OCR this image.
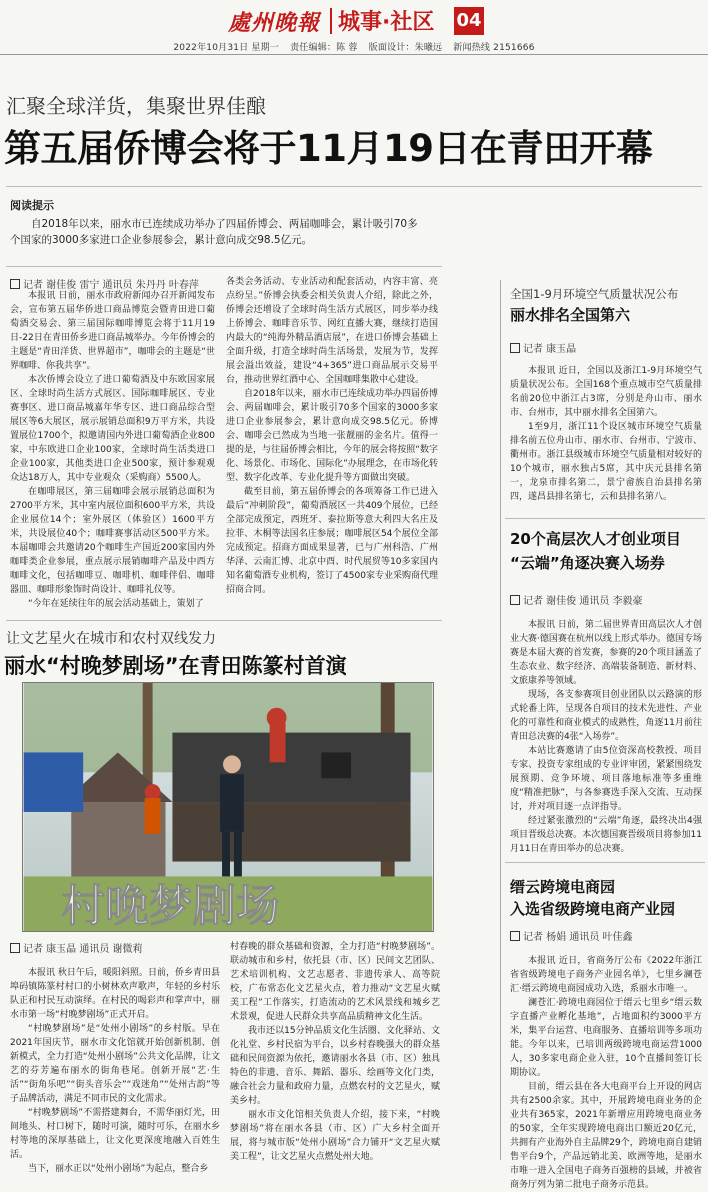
處州晚報 城事·社区 04
2022年10月31日 星期一 责任编辑：陈 蓉 版面设计：朱曦远 新闻热线 2151666
汇聚全球洋货，集聚世界佳酿
第五届侨博会将于11月19日在青田开幕
阅读提示

自2018年以来，丽水市已连续成功举办了四届侨博会、两届咖啡会，累计吸引70多个国家的3000多家进口企业参展参会，累计意向成交98.5亿元。

记者 谢佳俊 雷宁 通讯员 朱丹丹 叶春萍

本报讯 日前，丽水市政府新闻办召开新闻发布会，宣布第五届华侨进口商品博览会暨青田进口葡萄酒交易会、第三届国际咖啡博览会将于11月19日-22日在青田侨乡进口商品城举办。今年侨博会的主题是“青田洋货、世界超市”，咖啡会的主题是“世界咖啡、你我共享”。

本次侨博会设立了进口葡萄酒及中东欧国家展区、全球时尚生活方式展区、国际咖啡展区、专业赛事区、进口商品城嘉年华专区、进口商品综合型展区等6大展区，展示展销总面积9万平方米，共设置展位1700个，拟邀请国内外进口葡萄酒企业800家，中东欧进口企业100家，全球时尚生活类进口企业100家，其他类进口企业500家，预计参观观众达18万人，其中专业观众（采购商）5500人。

在咖啡展区，第三届咖啡会展示展销总面积为2700平方米，其中室内展位面积600平方米，共设企业展位14个；室外展区（体验区）1600平方米，共设展位40个；咖啡赛事活动区500平方米。本届咖啡会共邀请20个咖啡生产国近200家国内外咖啡类企业参展，重点展示展销咖啡产品及中西方咖啡文化，包括咖啡豆、咖啡机、咖啡伴侣、咖啡器皿、咖啡形象饰时尚设计、咖啡礼仪等。

“今年在延续往年的展会活动基础上，策划了

各类会务活动、专业活动和配套活动，内容丰富、亮点纷呈。”侨博会执委会相关负责人介绍，除此之外，侨博会还增设了全球时尚生活方式展区，同步举办线上侨博会、咖啡音乐节、网红直播大赛，继续打造国内最大的“纯海外精品酒店展”，在进口侨博会基础上全面升级，打造全球时尚生活场景，发展为节，发挥展会溢出效益，建设“4+365”进口商品展示交易平台，推动世界红酒中心、全国咖啡集散中心建设。

自2018年以来，丽水市已连续成功举办四届侨博会、两届咖啡会，累计吸引70多个国家的3000多家进口企业参展参会，累计意向成交98.5亿元。侨博会、咖啡会已然成为当地一张靓丽的金名片。值得一提的是，与往届侨博会相比，今年的展会将按照“数字化、场景化、市场化、国际化”办展理念，在市场化转型、数字化改革、专业化提升等方面做出突破。

截至目前，第五届侨博会的各项筹备工作已进入最后“冲刺阶段”，葡萄酒展区一共409个展位，已经全部完成预定，西班牙、泰拉斯等意大利四大名庄及拉菲、木桐等法国名庄参展；咖啡展区54个展位全部完成预定。招商方面成果显著，已与广州科浩、广州华泽、云南汇博、北京中酉、时代展贸等10多家国内知名葡萄酒专业机构，签订了4500家专业采购商代理招商合同。

让文艺星火在城市和农村双线发力
丽水“村晚梦剧场”在青田陈篆村首演
村晚梦剧场
记者 康玉晶 通讯员 谢微莉

本报讯 秋日午后，暖阳斜照。日前，侨乡青田县埠码镇陈篆村村口的小树林欢声歌声，年轻的乡村乐队正和村民互动演绎。在村民的喝彩声和掌声中，丽水市第一场“村晚梦剧场”正式开启。

“村晚梦剧场”是“处州小剧场”的乡村版。早在2021年国庆节，丽水市文化馆就开始创新机制、创新模式，全力打造“处州小剧场”公共文化品牌，让文艺的芬芳遍布丽水的街角巷尾。创新开展“艺·生活”“街角乐吧”“街头音乐会”“戏迷角”“处州古韵”等子品牌活动，满足不同市民的文化需求。

“村晚梦剧场”不需搭建舞台，不需华丽灯光，田间地头、村口树下，随时可演，随时可乐，在丽水乡村等地的深厚基础上，让文化更深度地融入百姓生活。

当下，丽水正以“处州小剧场”为起点，整合乡

村春晚的群众基础和资源，全力打造“村晚梦剧场”。联动城市和乡村，依托县（市、区）民间文艺团队、艺术培训机构、文艺志愿者、非遗传承人、高等院校，广布常态化文艺星火点，着力推动“文艺星火赋美工程”工作落实，打造流动的艺术风景线和城乡艺术景观，促进人民群众共享高品质精神文化生活。

我市还以15分钟品质文化生活圈、文化驿站、文化礼堂、乡村民宿为平台，以乡村春晚强大的群众基础和民间资源为依托，邀请丽水各县（市、区）独具特色的非遗、音乐、舞蹈、器乐、绘画等文化门类，融合社会力量和政府力量，点燃农村的文艺星火，赋美乡村。

丽水市文化馆相关负责人介绍，接下来，“村晚梦剧场”将在丽水各县（市、区）广大乡村全面开展，将与城市版“处州小剧场”合力铺开“文艺星火赋美工程”，让文艺星火点燃处州大地。

全国1-9月环境空气质量状况公布
丽水排名全国第六
记者 康玉晶

本报讯 近日，全国以及浙江1-9月环境空气质量状况公布。全国168个重点城市空气质量排名前20位中浙江占3席，分别是舟山市、丽水市、台州市，其中丽水排名全国第六。

1至9月，浙江11个设区城市环境空气质量排名前五位舟山市、丽水市、台州市、宁波市、衢州市。浙江县级城市环境空气质量相对较好的10个城市，丽水独占5席，其中庆元县排名第一，龙泉市排名第二，景宁畲族自治县排名第四，遂昌县排名第七，云和县排名第八。

20个高层次人才创业项目
“云端”角逐决赛入场券
记者 谢佳俊 通讯员 李毅豪

本报讯 日前，第二届世界青田高层次人才创业大赛·德国赛在杭州以线上形式举办。德国专场赛是本届大赛的首发赛，参赛的20个项目涵盖了生态农业、数字经济、高端装备制造、新材料、文旅康养等领域。

现场，各支参赛项目创业团队以云路演的形式轮番上阵，呈现各自项目的技术先进性、产业化的可靠性和商业模式的成熟性，角逐11月前往青田总决赛的4张“入场券”。

本站比赛邀请了由5位资深高校教授、项目专家、投资专家组成的专业评审团，紧紧围绕发展预期、竞争环境、项目落地标准等多重维度“精准把脉”，与各参赛选手深入交流、互动探讨，并对项目逐一点评指导。

经过紧张激烈的“云端”角逐，最终决出4强项目晋级总决赛。本次德国赛晋级项目将参加11月11日在青田举办的总决赛。

缙云跨境电商园
入选省级跨境电商产业园
记者 杨娟 通讯员 叶佳鑫

本报讯 近日，省商务厅公布《2022年浙江省省级跨境电子商务产业园名单》，七里乡澜苍汇·缙云跨境电商园成功入选，系丽水市唯一。

澜苍汇·跨境电商园位于缙云七里乡“缙云数字直播产业孵化基地”，占地面积约3000平方米，集平台运营、电商服务、直播培训等多项功能。今年以来，已培训两级跨境电商运营1000人，30多家电商企业入驻，10个直播间签订长期协议。

目前，缙云县在各大电商平台上开设的网店共有2500余家。其中，开展跨境电商业务的企业共有365家，2021年新增应用跨境电商业务的50家，全年实现跨境电商出口额近20亿元，共拥有产业海外自主品牌29个，跨境电商自建销售平台9个，产品远销北美、欧洲等地，是丽水市唯一进入全国电子商务百强榜的县域，并被省商务厅列为第二批电子商务示范县。
